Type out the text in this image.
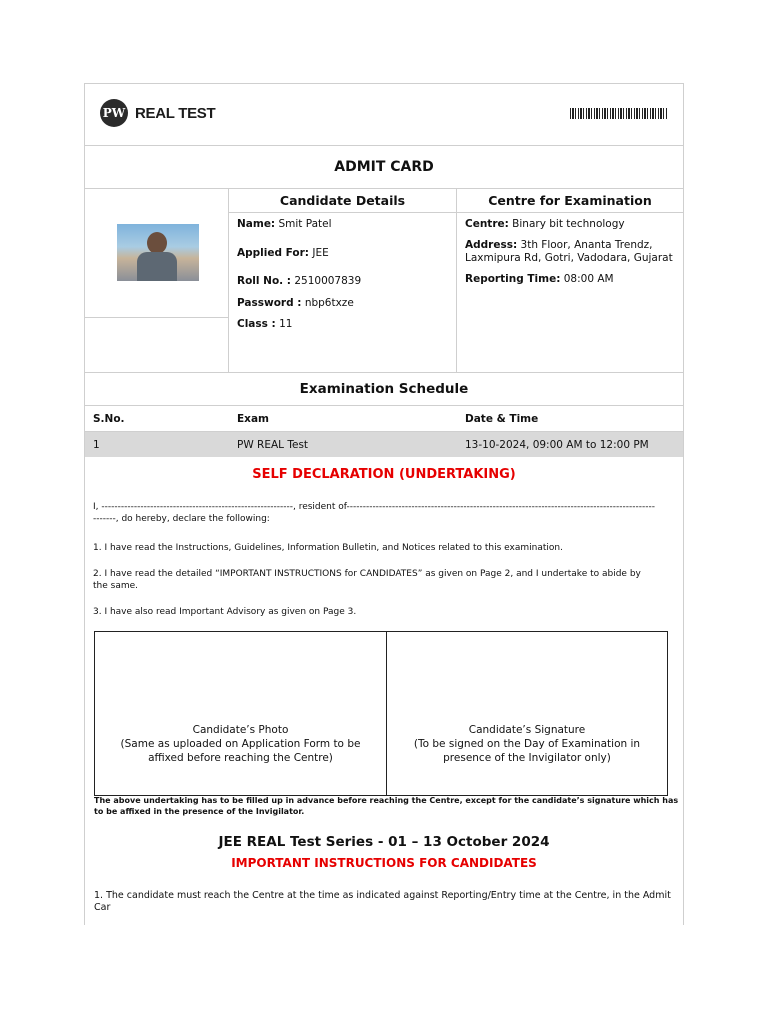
PW REAL TEST
ADMIT CARD
Candidate Details
Name: Smit Patel
Applied For: JEE
Roll No. : 2510007839
Password : nbp6txze
Class : 11
Centre for Examination
Centre: Binary bit technology
Address: 3th Floor, Ananta Trendz,
Laxmipura Rd, Gotri, Vadodara, Gujarat
Reporting Time: 08:00 AM
Examination Schedule
S.No.	Exam	Date & Time
1	PW REAL Test	13-10-2024, 09:00 AM to 12:00 PM
SELF DECLARATION (UNDERTAKING)
I, -----------------------------------------------------------, resident of-----------------------------------------------------------------------------------------------
-------, do hereby, declare the following:
1. I have read the Instructions, Guidelines, Information Bulletin, and Notices related to this examination.
2. I have read the detailed “IMPORTANT INSTRUCTIONS for CANDIDATES” as given on Page 2, and I undertake to abide by
the same.
3. I have also read Important Advisory as given on Page 3.
Candidate’s Photo
(Same as uploaded on Application Form to be
affixed before reaching the Centre)
Candidate’s Signature
(To be signed on the Day of Examination in
presence of the Invigilator only)
The above undertaking has to be filled up in advance before reaching the Centre, except for the candidate’s signature which has to be affixed in the presence of the Invigilator.
JEE REAL Test Series - 01 – 13 October 2024
IMPORTANT INSTRUCTIONS FOR CANDIDATES
1. The candidate must reach the Centre at the time as indicated against Reporting/Entry time at the Centre, in the Admit
Car
